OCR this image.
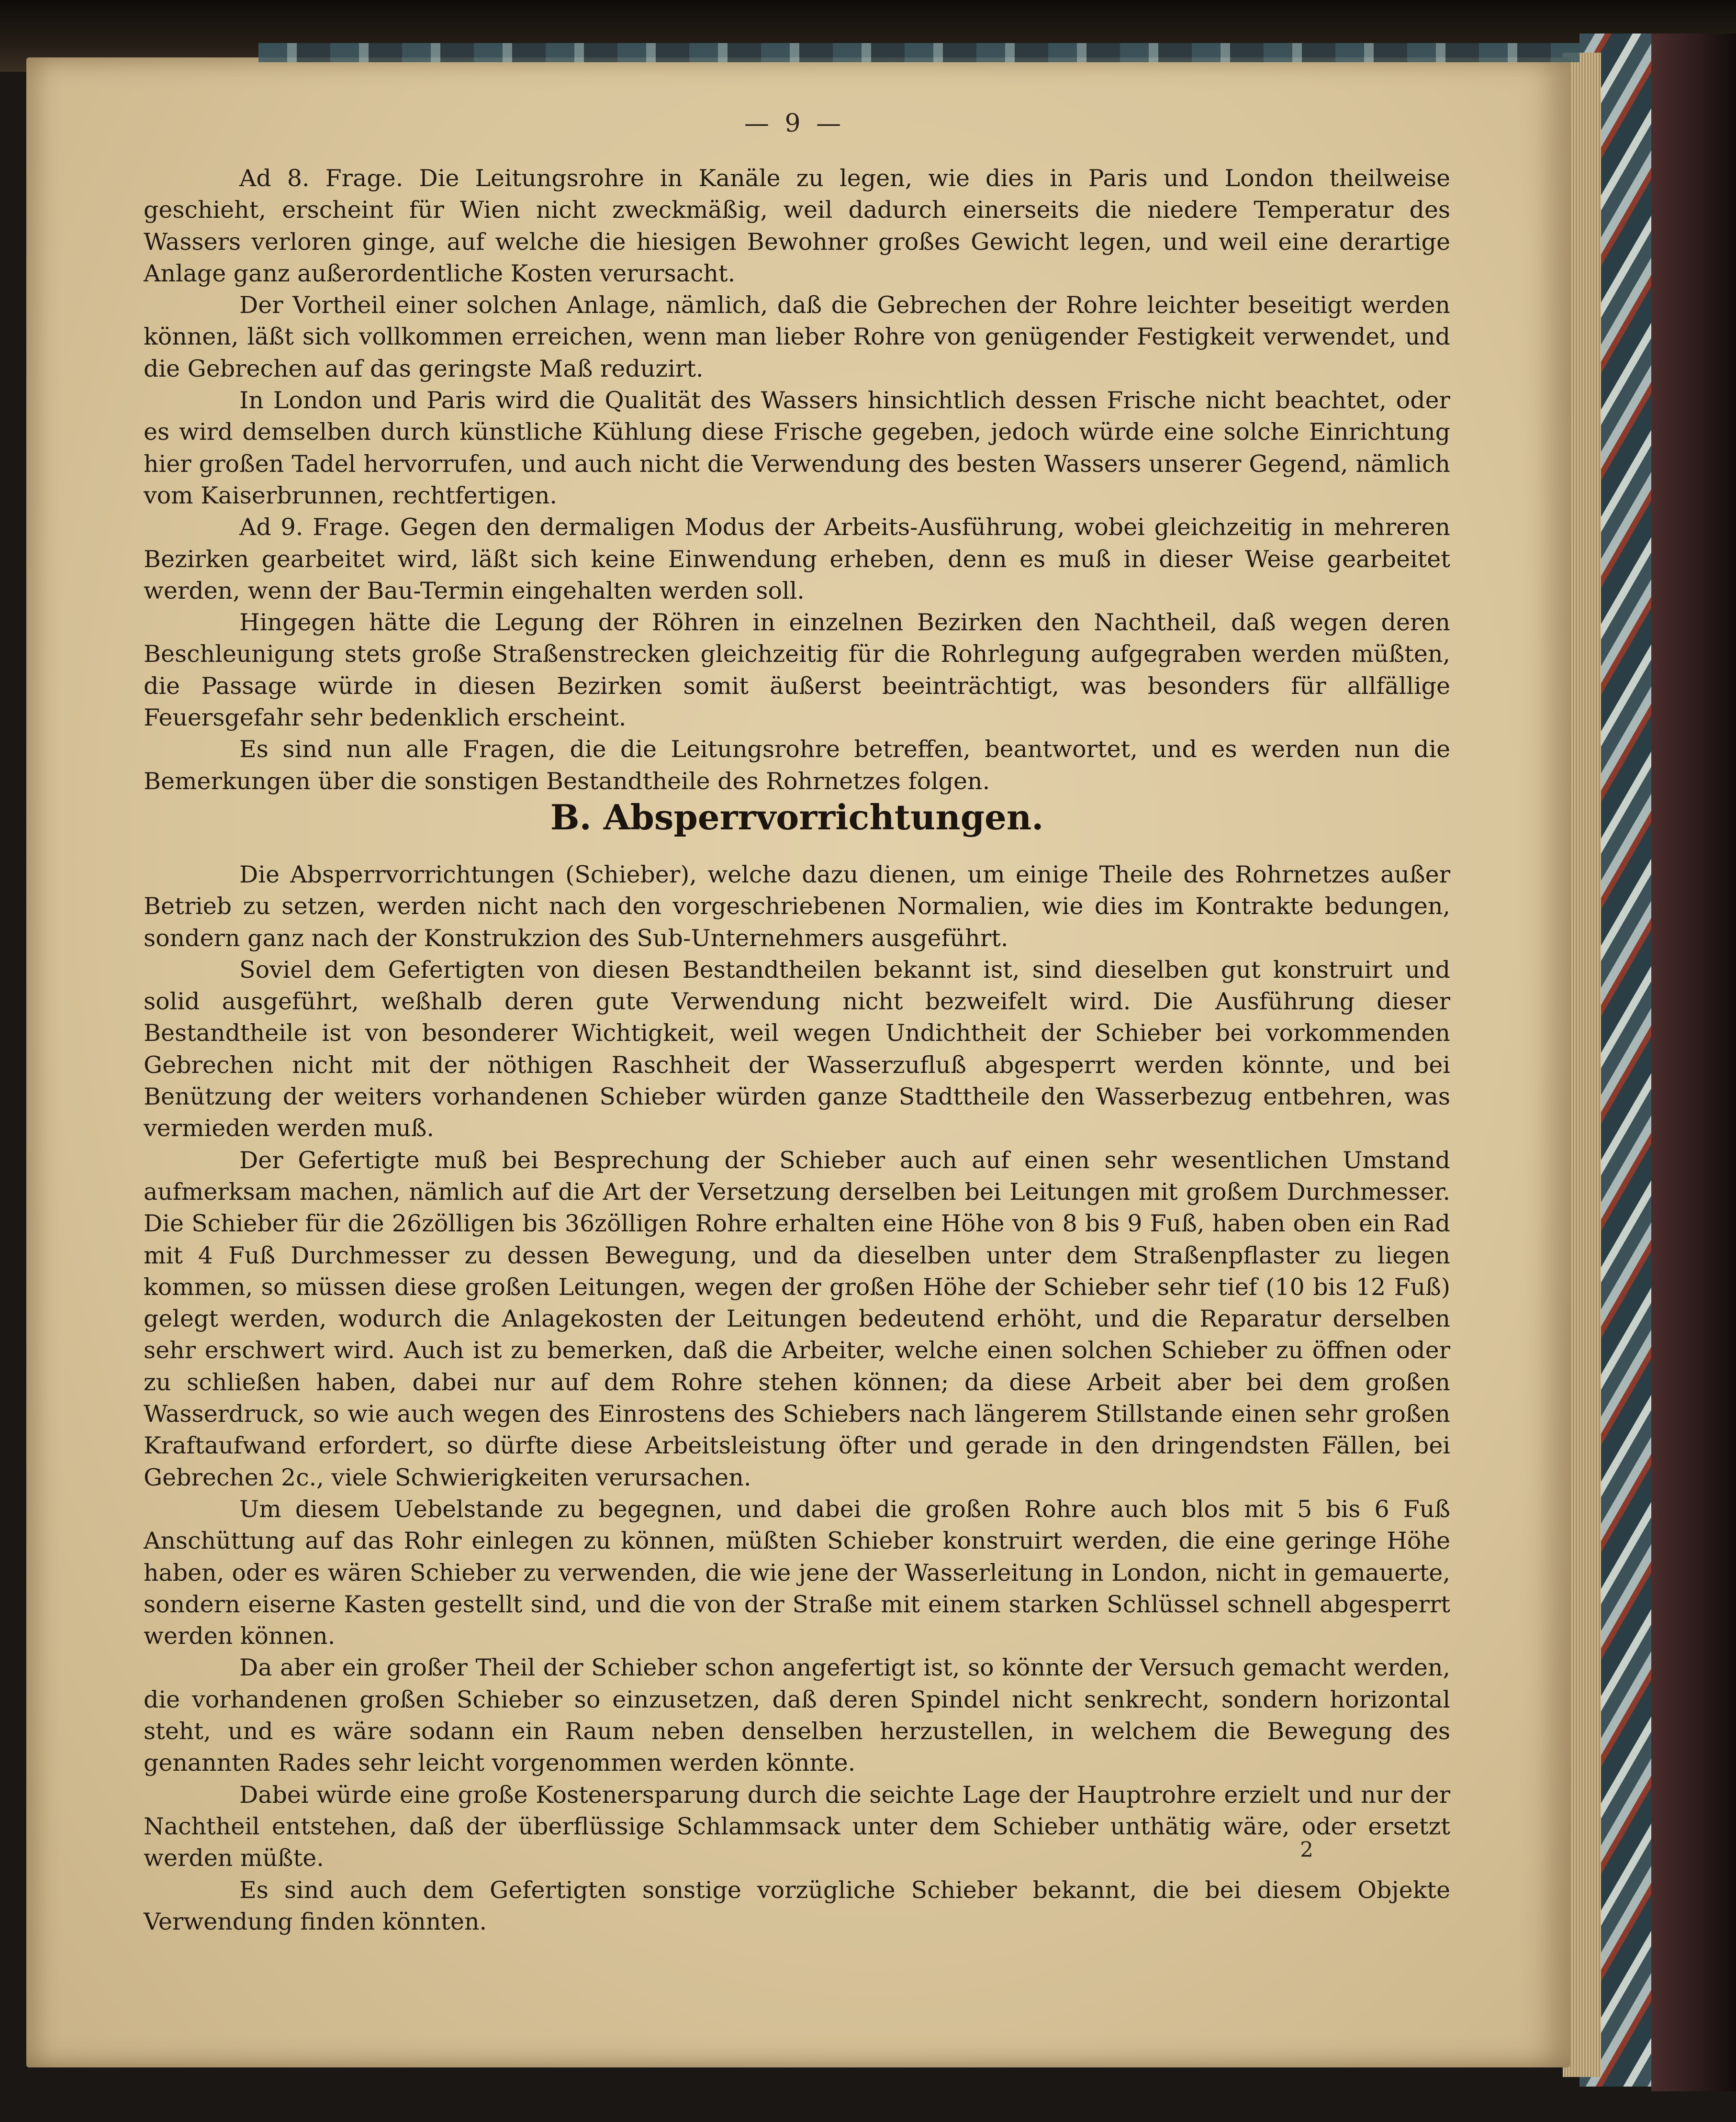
— 9 —

Ad 8. Frage. Die Leitungsrohre in Kanäle zu legen, wie dies in Paris und London theilweise geschieht, erscheint für Wien nicht zweckmäßig, weil dadurch einerseits die niedere Temperatur des Wassers verloren ginge, auf welche die hiesigen Bewohner großes Gewicht legen, und weil eine derartige Anlage ganz außerordentliche Kosten verursacht.

Der Vortheil einer solchen Anlage, nämlich, daß die Gebrechen der Rohre leichter beseitigt werden können, läßt sich vollkommen erreichen, wenn man lieber Rohre von genügender Festigkeit verwendet, und die Gebrechen auf das geringste Maß reduzirt.

In London und Paris wird die Qualität des Wassers hinsichtlich dessen Frische nicht beachtet, oder es wird demselben durch künstliche Kühlung diese Frische gegeben, jedoch würde eine solche Einrichtung hier großen Tadel hervorrufen, und auch nicht die Verwendung des besten Wassers unserer Gegend, nämlich vom Kaiserbrunnen, rechtfertigen.

Ad 9. Frage. Gegen den dermaligen Modus der Arbeits-Ausführung, wobei gleichzeitig in mehreren Bezirken gearbeitet wird, läßt sich keine Einwendung erheben, denn es muß in dieser Weise gearbeitet werden, wenn der Bau-Termin eingehalten werden soll.

Hingegen hätte die Legung der Röhren in einzelnen Bezirken den Nachtheil, daß wegen deren Beschleunigung stets große Straßenstrecken gleichzeitig für die Rohrlegung aufgegraben werden müßten, die Passage würde in diesen Bezirken somit äußerst beeinträchtigt, was besonders für allfällige Feuersgefahr sehr bedenklich erscheint.

Es sind nun alle Fragen, die die Leitungsrohre betreffen, beantwortet, und es werden nun die Bemerkungen über die sonstigen Bestandtheile des Rohrnetzes folgen.

B. Absperrvorrichtungen.

Die Absperrvorrichtungen (Schieber), welche dazu dienen, um einige Theile des Rohrnetzes außer Betrieb zu setzen, werden nicht nach den vorgeschriebenen Normalien, wie dies im Kontrakte bedungen, sondern ganz nach der Konstrukzion des Sub-Unternehmers ausgeführt.

Soviel dem Gefertigten von diesen Bestandtheilen bekannt ist, sind dieselben gut konstruirt und solid ausgeführt, weßhalb deren gute Verwendung nicht bezweifelt wird. Die Ausführung dieser Bestandtheile ist von besonderer Wichtigkeit, weil wegen Undichtheit der Schieber bei vorkommenden Gebrechen nicht mit der nöthigen Raschheit der Wasserzufluß abgesperrt werden könnte, und bei Benützung der weiters vorhandenen Schieber würden ganze Stadttheile den Wasserbezug entbehren, was vermieden werden muß.

Der Gefertigte muß bei Besprechung der Schieber auch auf einen sehr wesentlichen Umstand aufmerksam machen, nämlich auf die Art der Versetzung derselben bei Leitungen mit großem Durchmesser. Die Schieber für die 26zölligen bis 36zölligen Rohre erhalten eine Höhe von 8 bis 9 Fuß, haben oben ein Rad mit 4 Fuß Durchmesser zu dessen Bewegung, und da dieselben unter dem Straßenpflaster zu liegen kommen, so müssen diese großen Leitungen, wegen der großen Höhe der Schieber sehr tief (10 bis 12 Fuß) gelegt werden, wodurch die Anlagekosten der Leitungen bedeutend erhöht, und die Reparatur derselben sehr erschwert wird. Auch ist zu bemerken, daß die Arbeiter, welche einen solchen Schieber zu öffnen oder zu schließen haben, dabei nur auf dem Rohre stehen können; da diese Arbeit aber bei dem großen Wasserdruck, so wie auch wegen des Einrostens des Schiebers nach längerem Stillstande einen sehr großen Kraftaufwand erfordert, so dürfte diese Arbeitsleistung öfter und gerade in den dringendsten Fällen, bei Gebrechen 2c., viele Schwierigkeiten verursachen.

Um diesem Uebelstande zu begegnen, und dabei die großen Rohre auch blos mit 5 bis 6 Fuß Anschüttung auf das Rohr einlegen zu können, müßten Schieber konstruirt werden, die eine geringe Höhe haben, oder es wären Schieber zu verwenden, die wie jene der Wasserleitung in London, nicht in gemauerte, sondern eiserne Kasten gestellt sind, und die von der Straße mit einem starken Schlüssel schnell abgesperrt werden können.

Da aber ein großer Theil der Schieber schon angefertigt ist, so könnte der Versuch gemacht werden, die vorhandenen großen Schieber so einzusetzen, daß deren Spindel nicht senkrecht, sondern horizontal steht, und es wäre sodann ein Raum neben denselben herzustellen, in welchem die Bewegung des genannten Rades sehr leicht vorgenommen werden könnte.

Dabei würde eine große Kostenersparung durch die seichte Lage der Hauptrohre erzielt und nur der Nachtheil entstehen, daß der überflüssige Schlammsack unter dem Schieber unthätig wäre, oder ersetzt werden müßte.

Es sind auch dem Gefertigten sonstige vorzügliche Schieber bekannt, die bei diesem Objekte Verwendung finden könnten.

2
